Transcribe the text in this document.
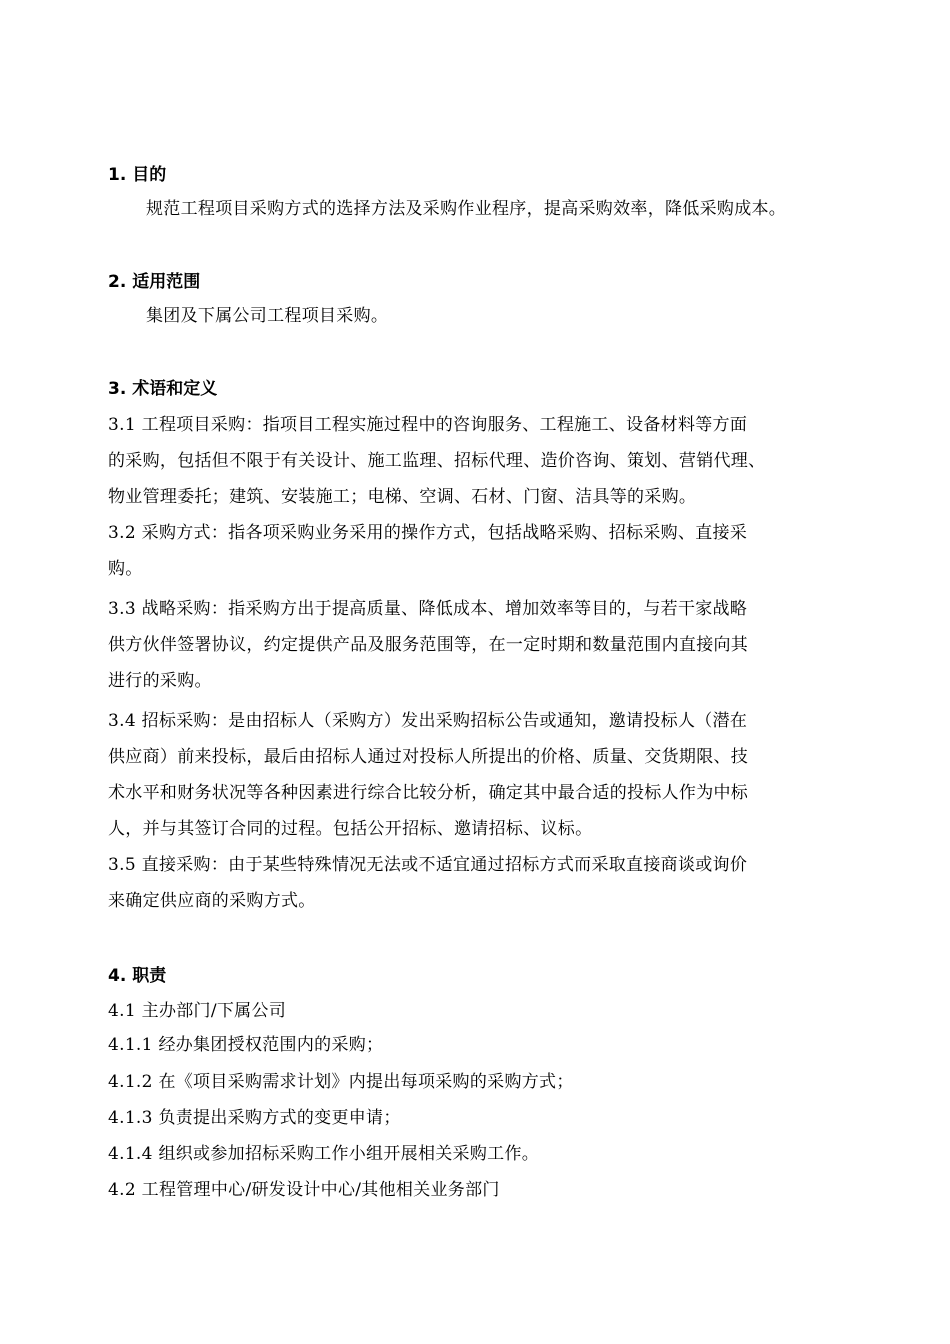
1. 目的
规范工程项目采购方式的选择方法及采购作业程序，提高采购效率，降低采购成本。
2. 适用范围
集团及下属公司工程项目采购。
3. 术语和定义
3.1 工程项目采购：指项目工程实施过程中的咨询服务、工程施工、设备材料等方面
的采购，包括但不限于有关设计、施工监理、招标代理、造价咨询、策划、营销代理、
物业管理委托；建筑、安装施工；电梯、空调、石材、门窗、洁具等的采购。
3.2 采购方式：指各项采购业务采用的操作方式，包括战略采购、招标采购、直接采
购。
3.3 战略采购：指采购方出于提高质量、降低成本、增加效率等目的，与若干家战略
供方伙伴签署协议，约定提供产品及服务范围等，在一定时期和数量范围内直接向其
进行的采购。
3.4 招标采购：是由招标人（采购方）发出采购招标公告或通知，邀请投标人（潜在
供应商）前来投标，最后由招标人通过对投标人所提出的价格、质量、交货期限、技
术水平和财务状况等各种因素进行综合比较分析，确定其中最合适的投标人作为中标
人，并与其签订合同的过程。包括公开招标、邀请招标、议标。
3.5 直接采购：由于某些特殊情况无法或不适宜通过招标方式而采取直接商谈或询价
来确定供应商的采购方式。
4. 职责
4.1 主办部门/下属公司
4.1.1 经办集团授权范围内的采购；
4.1.2 在《项目采购需求计划》内提出每项采购的采购方式；
4.1.3 负责提出采购方式的变更申请；
4.1.4 组织或参加招标采购工作小组开展相关采购工作。
4.2 工程管理中心/研发设计中心/其他相关业务部门
